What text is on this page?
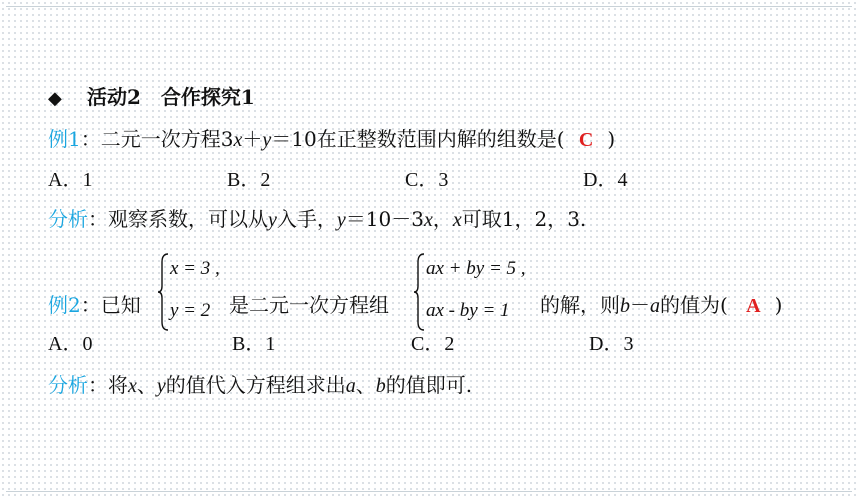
◆ 活动2　合作探究1
例1：二元一次方程3x＋y＝10在正整数范围内解的组数是( C )
A．1	B．2	C．3	D．4
分析：观察系数，可以从y入手，y＝10－3x，x可取1，2，3.
例2：已知
x = 3 ,
y = 2 是二元一次方程组
ax + by = 5 ,
ax - by = 1 的解，则b－a的值为( A )
A．0	B．1	C．2	D．3
分析：将x、y的值代入方程组求出a、b的值即可.
